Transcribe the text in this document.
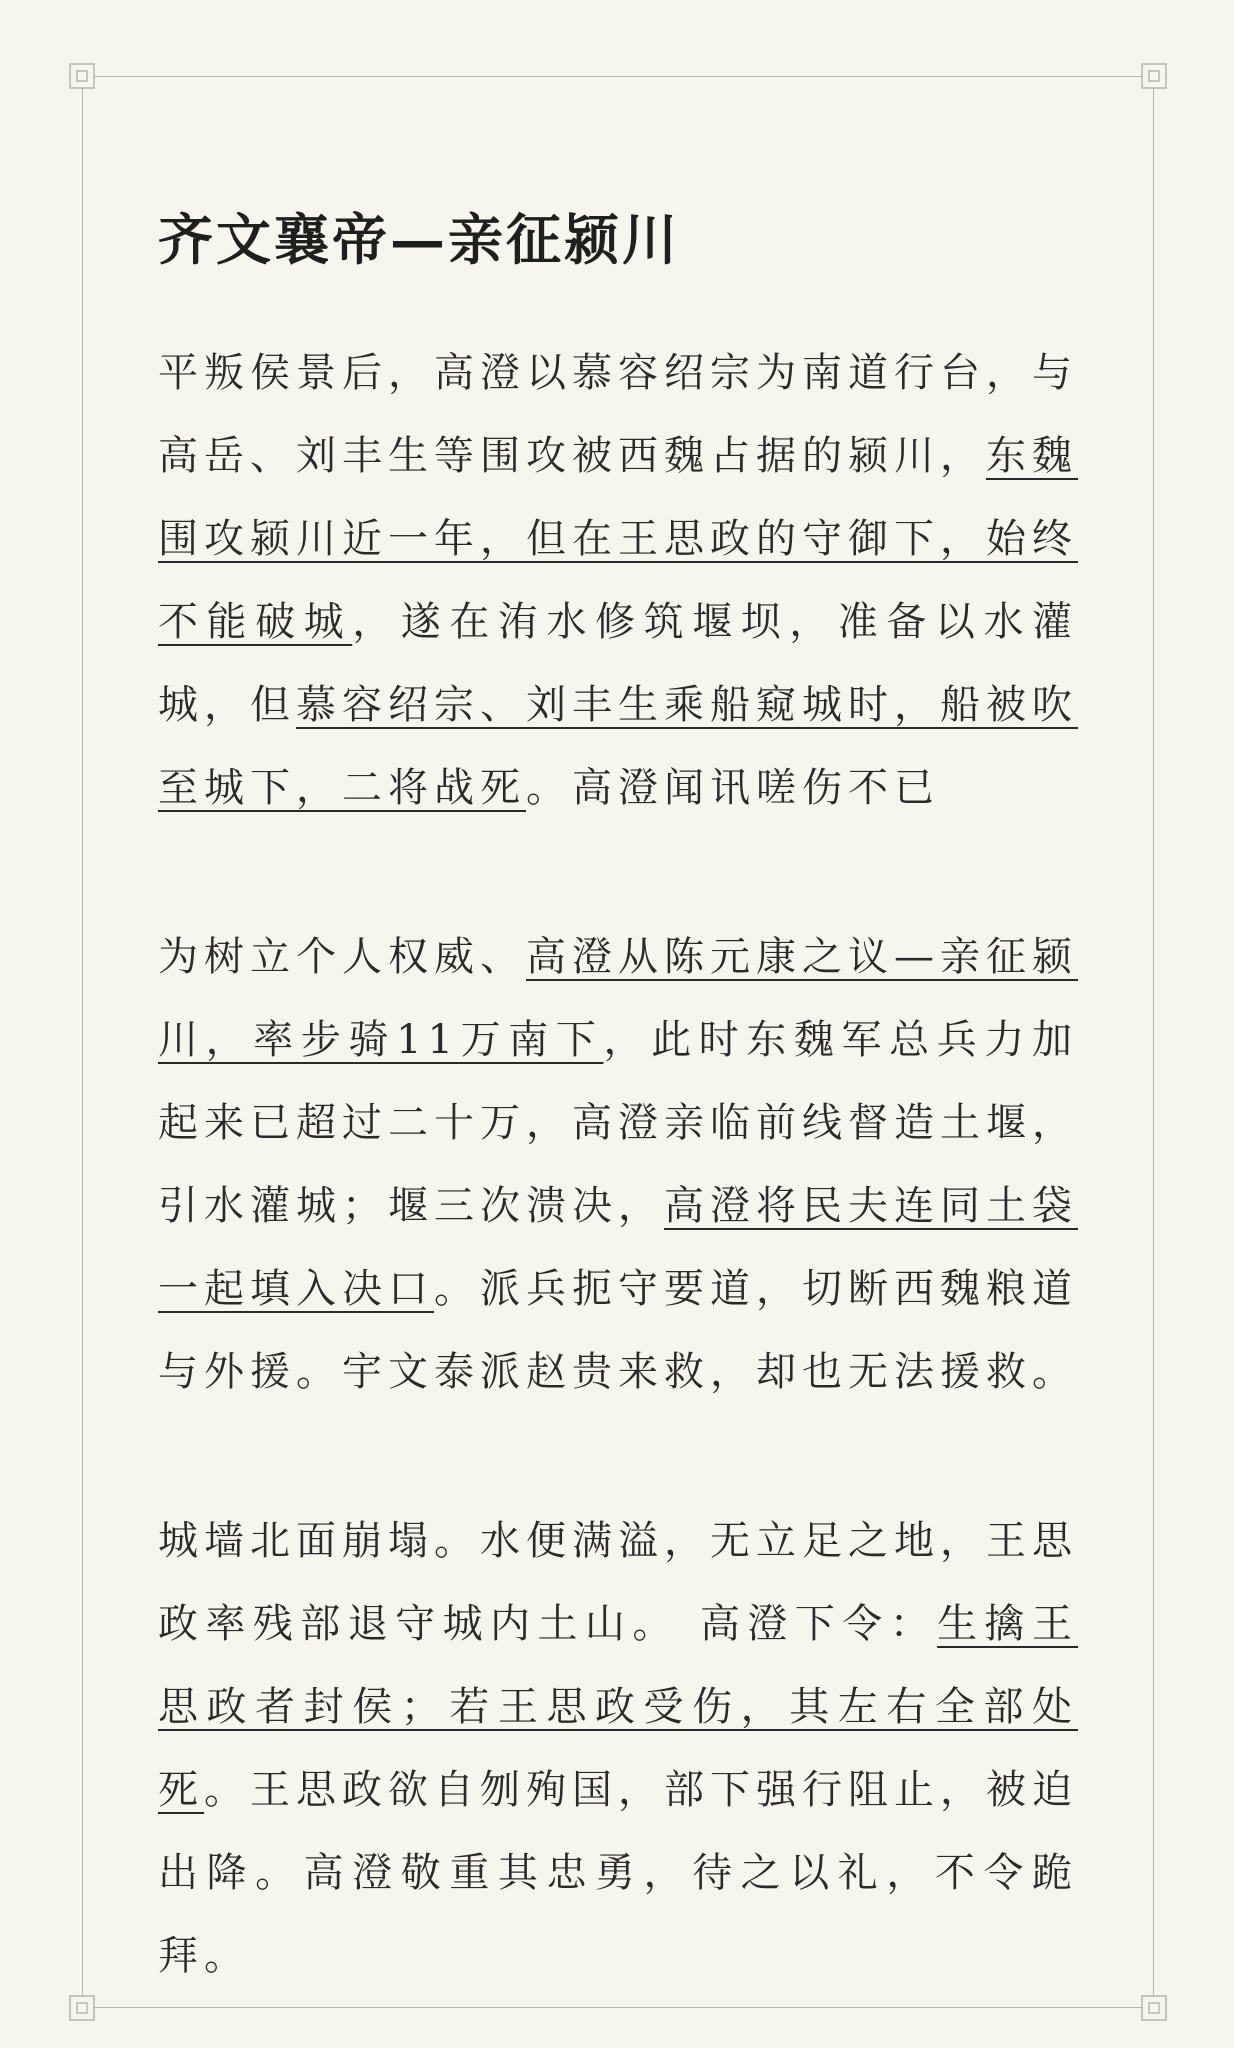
齐文襄帝—亲征颍川

平叛侯景后，高澄以慕容绍宗为南道行台，与高岳、刘丰生等围攻被西魏占据的颍川，东魏围攻颍川近一年，但在王思政的守御下，始终不能破城，遂在洧水修筑堰坝，准备以水灌城，但慕容绍宗、刘丰生乘船窥城时，船被吹至城下，二将战死。高澄闻讯嗟伤不已

为树立个人权威、高澄从陈元康之议—亲征颍川，率步骑11万南下，此时东魏军总兵力加起来已超过二十万，高澄亲临前线督造土堰，引水灌城；堰三次溃决，高澄将民夫连同土袋一起填入决口。派兵扼守要道，切断西魏粮道与外援。宇文泰派赵贵来救，却也无法援救。

城墙北面崩塌。水便满溢，无立足之地，王思政率残部退守城内土山。 高澄下令：生擒王思政者封侯；若王思政受伤，其左右全部处死。王思政欲自刎殉国，部下强行阻止，被迫出降。高澄敬重其忠勇，待之以礼，不令跪拜。
